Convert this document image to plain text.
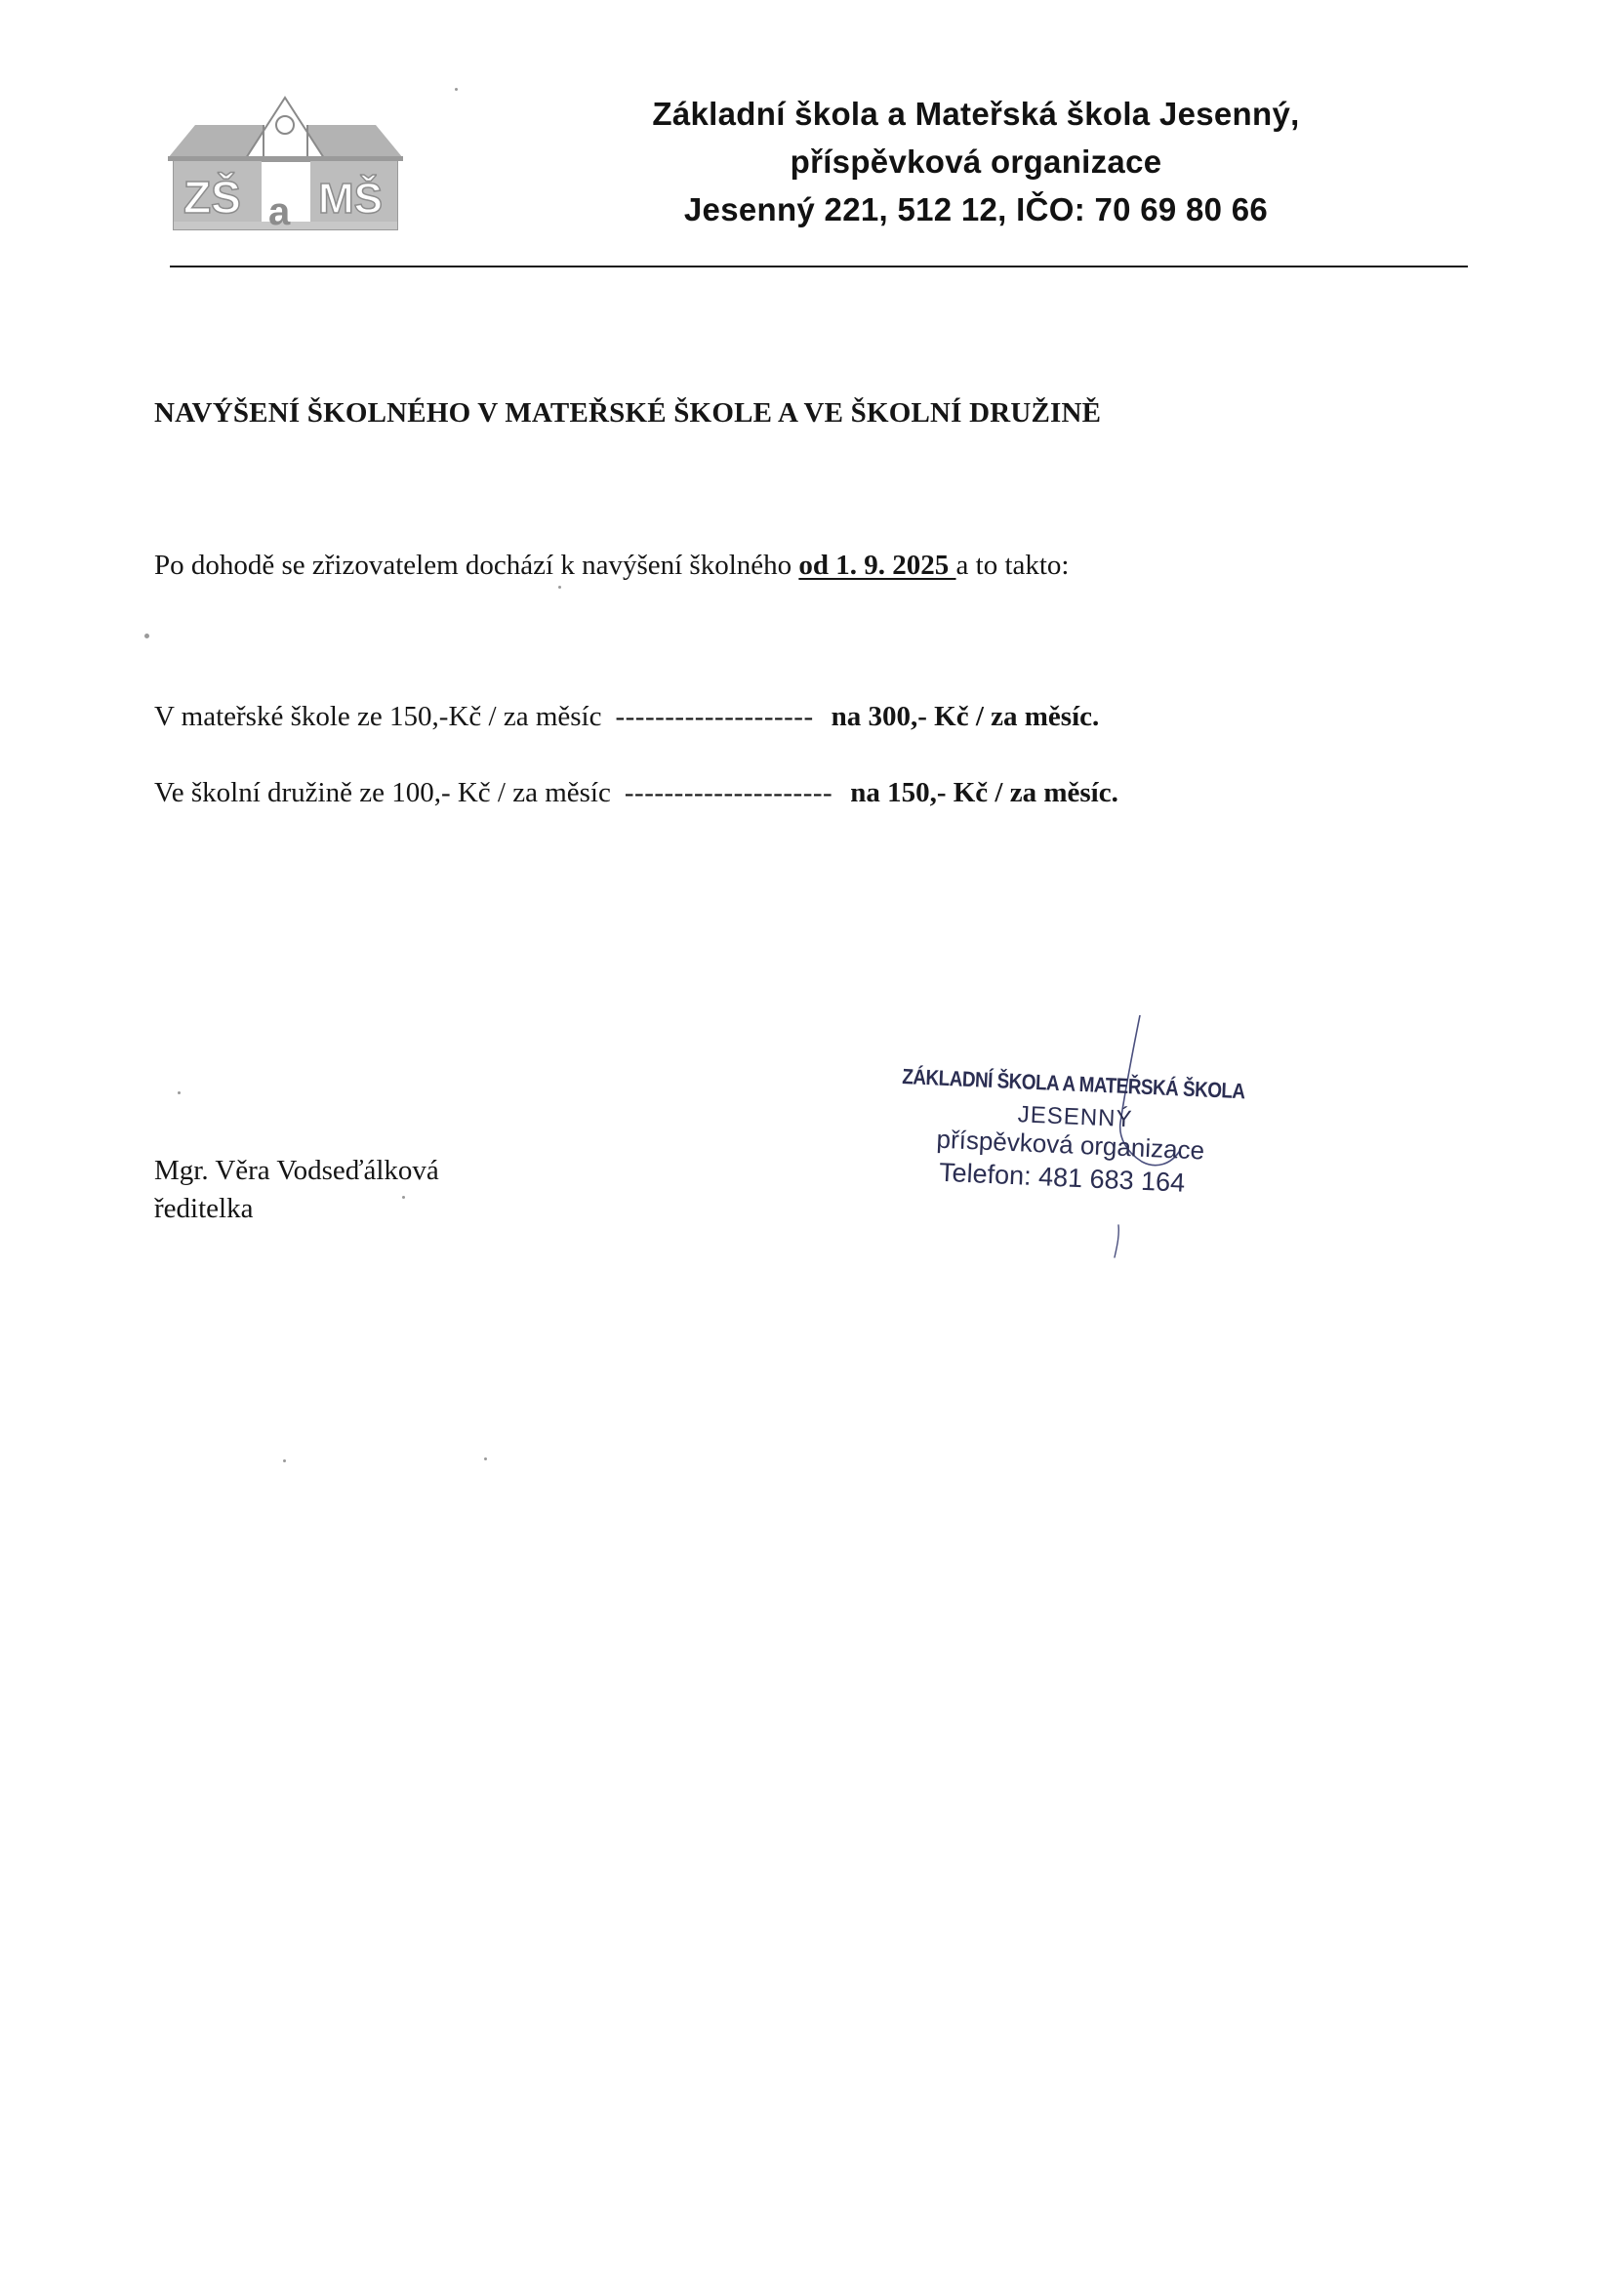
ZŠ a MŠ
Základní škola a Mateřská škola Jesenný,
příspěvková organizace
Jesenný 221, 512 12, IČO: 70 69 80 66
NAVÝŠENÍ ŠKOLNÉHO V MATEŘSKÉ ŠKOLE A VE ŠKOLNÍ DRUŽINĚ
Po dohodě se zřizovatelem dochází k navýšení školného od 1. 9. 2025 a to takto:
V mateřské škole ze 150,-Kč / za měsíc -------------------- na 300,- Kč / za měsíc.
Ve školní družině ze 100,- Kč / za měsíc --------------------- na 150,- Kč / za měsíc.
Mgr. Věra Vodseďálková
ředitelka
ZÁKLADNÍ ŠKOLA A MATEŘSKÁ ŠKOLA
JESENNÝ
příspěvková organizace
Telefon: 481 683 164
